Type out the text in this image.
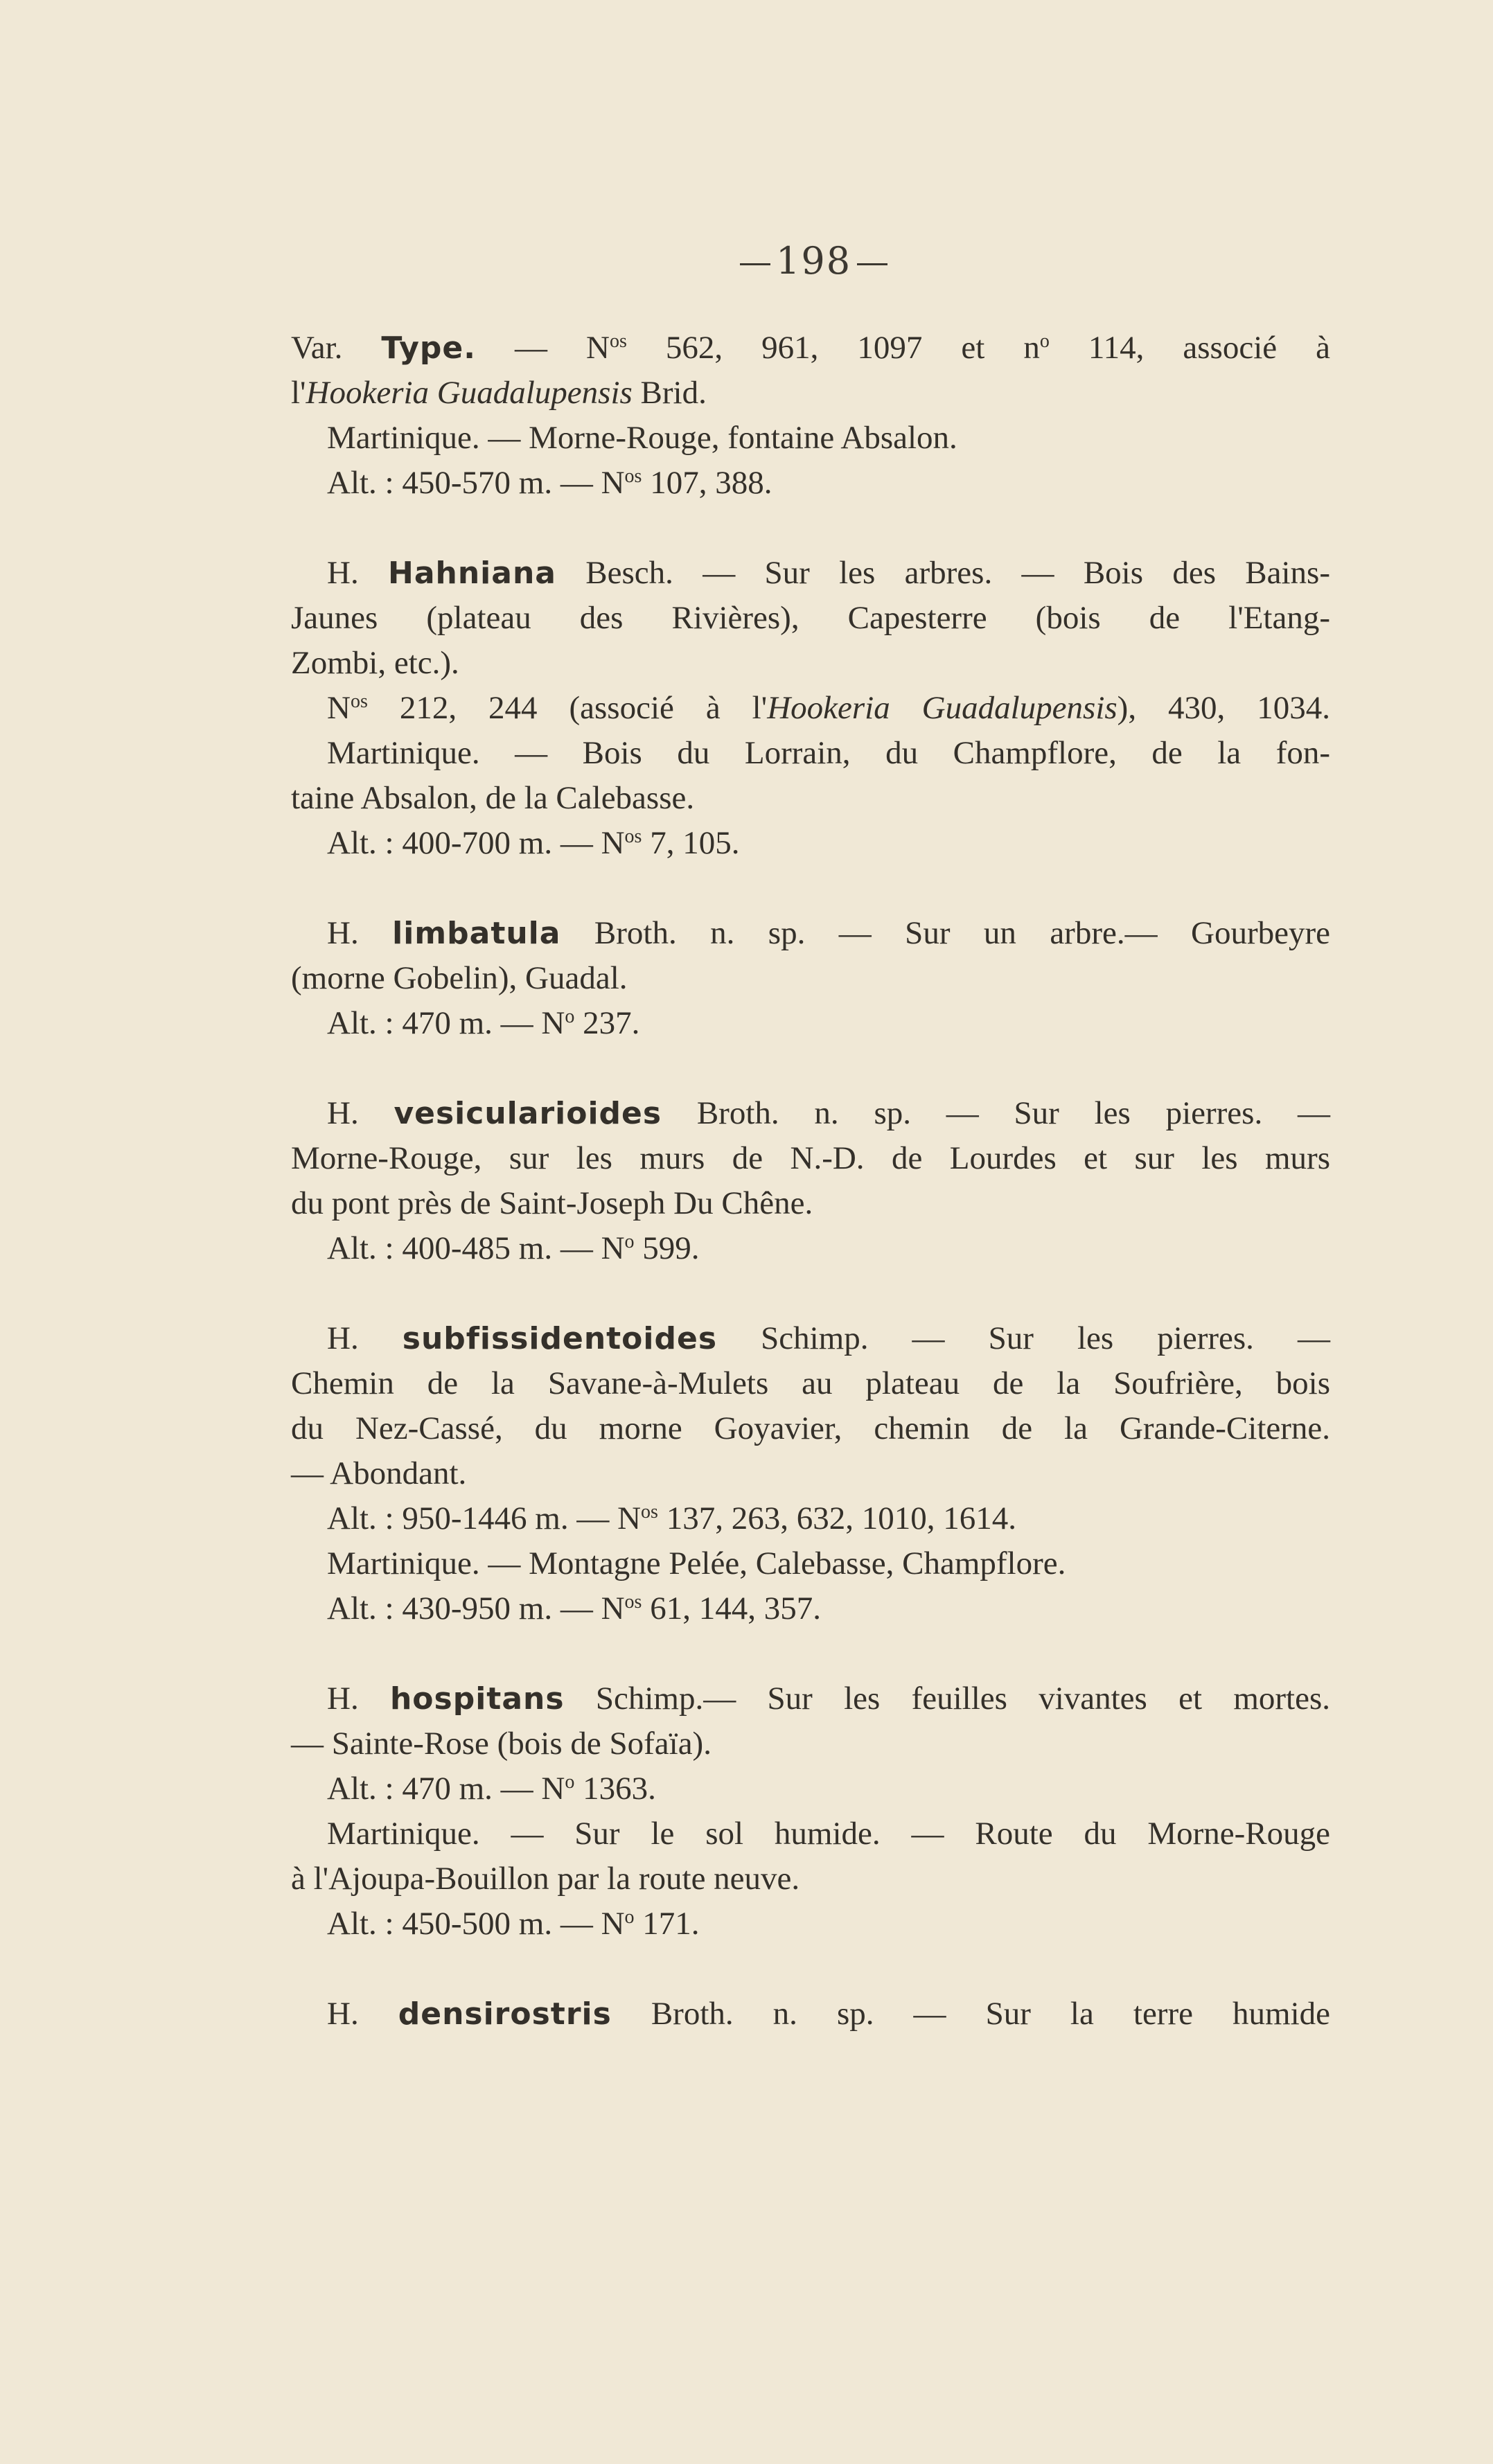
198
Var. Type. — $N^{os}$ 562, 961, 1097 et $n^o$ 114, associé à
l'Hookeria Guadalupensis Brid.
Martinique. — Morne-Rouge, fontaine Absalon.
Alt. : 450-570 m. — $N^{os}$ 107, 388.
H. Hahniana Besch. — Sur les arbres. — Bois des Bains-
Jaunes (plateau des Rivières), Capesterre (bois de l'Etang-
Zombi, etc.).
$N^{os}$ 212, 244 (associé à l'Hookeria Guadalupensis), 430, 1034.
Martinique. — Bois du Lorrain, du Champflore, de la fon-
taine Absalon, de la Calebasse.
Alt. : 400-700 m. — $N^{os}$ 7, 105.
H. limbatula Broth. n. sp. — Sur un arbre.— Gourbeyre
(morne Gobelin), Guadal.
Alt. : 470 m. — $N^o$ 237.
H. vesicularioides Broth. n. sp. — Sur les pierres. —
Morne-Rouge, sur les murs de N.-D. de Lourdes et sur les murs
du pont près de Saint-Joseph Du Chêne.
Alt. : 400-485 m. — $N^o$ 599.
H. subfissidentoides Schimp. — Sur les pierres. —
Chemin de la Savane-à-Mulets au plateau de la Soufrière, bois
du Nez-Cassé, du morne Goyavier, chemin de la Grande-Citerne.
— Abondant.
Alt. : 950-1446 m. — $N^{os}$ 137, 263, 632, 1010, 1614.
Martinique. — Montagne Pelée, Calebasse, Champflore.
Alt. : 430-950 m. — $N^{os}$ 61, 144, 357.
H. hospitans Schimp.— Sur les feuilles vivantes et mortes.
— Sainte-Rose (bois de Sofaïa).
Alt. : 470 m. — $N^o$ 1363.
Martinique. — Sur le sol humide. — Route du Morne-Rouge
à l'Ajoupa-Bouillon par la route neuve.
Alt. : 450-500 m. — $N^o$ 171.
H. densirostris Broth. n. sp. — Sur la terre humide
